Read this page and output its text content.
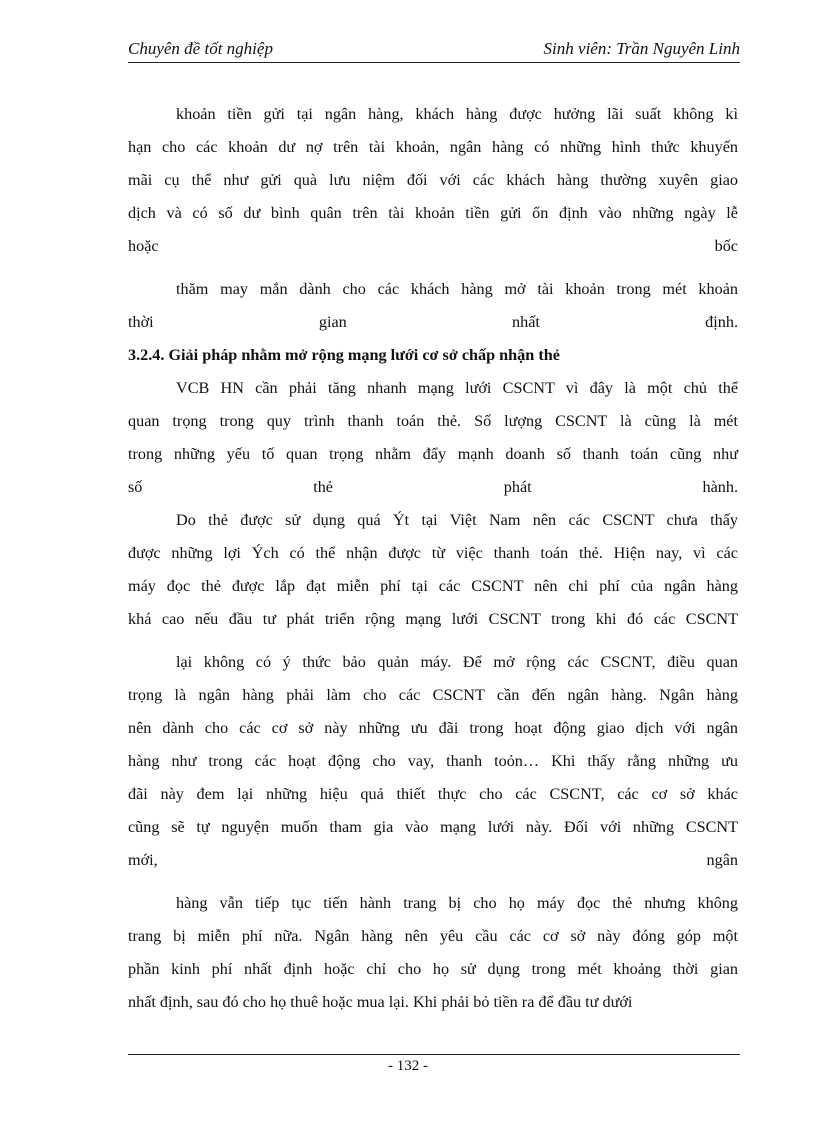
Chuyên đề tốt nghiệp	Sinh viên: Trần Nguyên Linh
khoản tiền gửi tại ngân hàng, khách hàng được hưởng lãi suất không kì
hạn cho các khoản dư nợ trên tài khoản, ngân hàng có những hình thức khuyến
mãi cụ thể như gửi quà lưu niệm đối với các khách hàng thường xuyên giao
dịch và có số dư bình quân trên tài khoản tiền gửi ổn định vào những ngày lễ
hoặc bốc
thăm may mắn dành cho các khách hàng mở tài khoản trong mét khoản
thời gian nhất định.
3.2.4. Giải pháp nhằm mở rộng mạng lưới cơ sở chấp nhận thẻ
VCB HN cần phải tăng nhanh mạng lưới CSCNT vì đây là một chủ thể
quan trọng trong quy trình thanh toán thẻ. Số lượng CSCNT là cũng là mét
trong những yếu tố quan trọng nhằm đẩy mạnh doanh số thanh toán cũng như
số thẻ phát hành.
Do thẻ được sử dụng quá Ýt tại Việt Nam nên các CSCNT chưa thấy
được những lợi Ých có thể nhận được từ việc thanh toán thẻ. Hiện nay, vì các
máy đọc thẻ được lắp đạt miễn phí tại các CSCNT nên chi phí của ngân hàng
khá cao nếu đầu tư phát triển rộng mạng lưới CSCNT trong khi đó các CSCNT
lại không có ý thức bảo quản máy. Để mở rộng các CSCNT, điều quan
trọng là ngân hàng phải làm cho các CSCNT cần đến ngân hàng. Ngân hàng
nên dành cho các cơ sở này những ưu đãi trong hoạt động giao dịch với ngân
hàng như trong các hoạt động cho vay, thanh toỏn… Khi thấy rằng những ưu
đãi này đem lại những hiệu quả thiết thực cho các CSCNT, các cơ sở khác
cũng sẽ tự nguyện muốn tham gia vào mạng lưới này. Đối với những CSCNT
mới, ngân
hàng vẫn tiếp tục tiến hành trang bị cho họ máy đọc thẻ nhưng không
trang bị miễn phí nữa. Ngân hàng nên yêu cầu các cơ sở này đóng góp một
phần kinh phí nhất định hoặc chỉ cho họ sử dụng trong mét khoảng thời gian
nhất định, sau đó cho họ thuê hoặc mua lại. Khi phải bỏ tiền ra để đầu tư dưới
- 132 -
